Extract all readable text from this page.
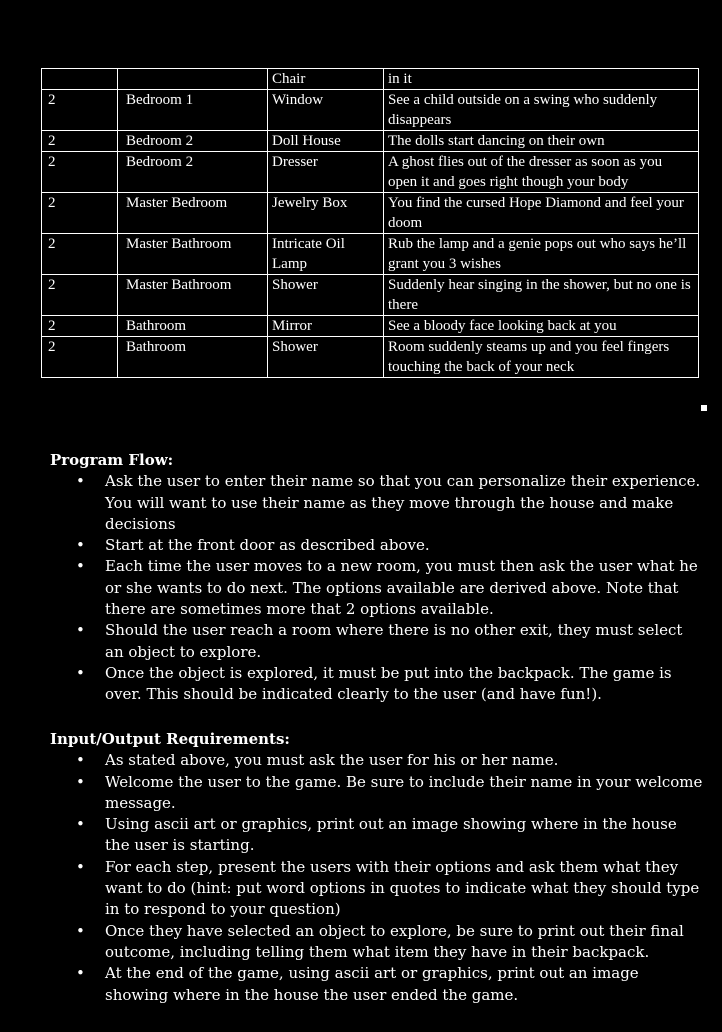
		Chair	in it
2	Bedroom 1	Window	See a child outside on a swing who suddenly disappears
2	Bedroom 2	Doll House	The dolls start dancing on their own
2	Bedroom 2	Dresser	A ghost flies out of the dresser as soon as you open it and goes right though your body
2	Master Bedroom	Jewelry Box	You find the cursed Hope Diamond and feel your doom
2	Master Bathroom	Intricate Oil Lamp	Rub the lamp and a genie pops out who says he’ll grant you 3 wishes
2	Master Bathroom	Shower	Suddenly hear singing in the shower, but no one is there
2	Bathroom	Mirror	See a bloody face looking back at you
2	Bathroom	Shower	Room suddenly steams up and you feel fingers touching the back of your neck
Program Flow:
• Ask the user to enter their name so that you can personalize their experience. You will want to use their name as they move through the house and make decisions
• Start at the front door as described above.
• Each time the user moves to a new room, you must then ask the user what he or she wants to do next. The options available are derived above. Note that there are sometimes more that 2 options available.
• Should the user reach a room where there is no other exit, they must select an object to explore.
• Once the object is explored, it must be put into the backpack. The game is over. This should be indicated clearly to the user (and have fun!).
Input/Output Requirements:
• As stated above, you must ask the user for his or her name.
• Welcome the user to the game. Be sure to include their name in your welcome message.
• Using ascii art or graphics, print out an image showing where in the house the user is starting.
• For each step, present the users with their options and ask them what they want to do (hint: put word options in quotes to indicate what they should type in to respond to your question)
• Once they have selected an object to explore, be sure to print out their final outcome, including telling them what item they have in their backpack.
• At the end of the game, using ascii art or graphics, print out an image showing where in the house the user ended the game.
